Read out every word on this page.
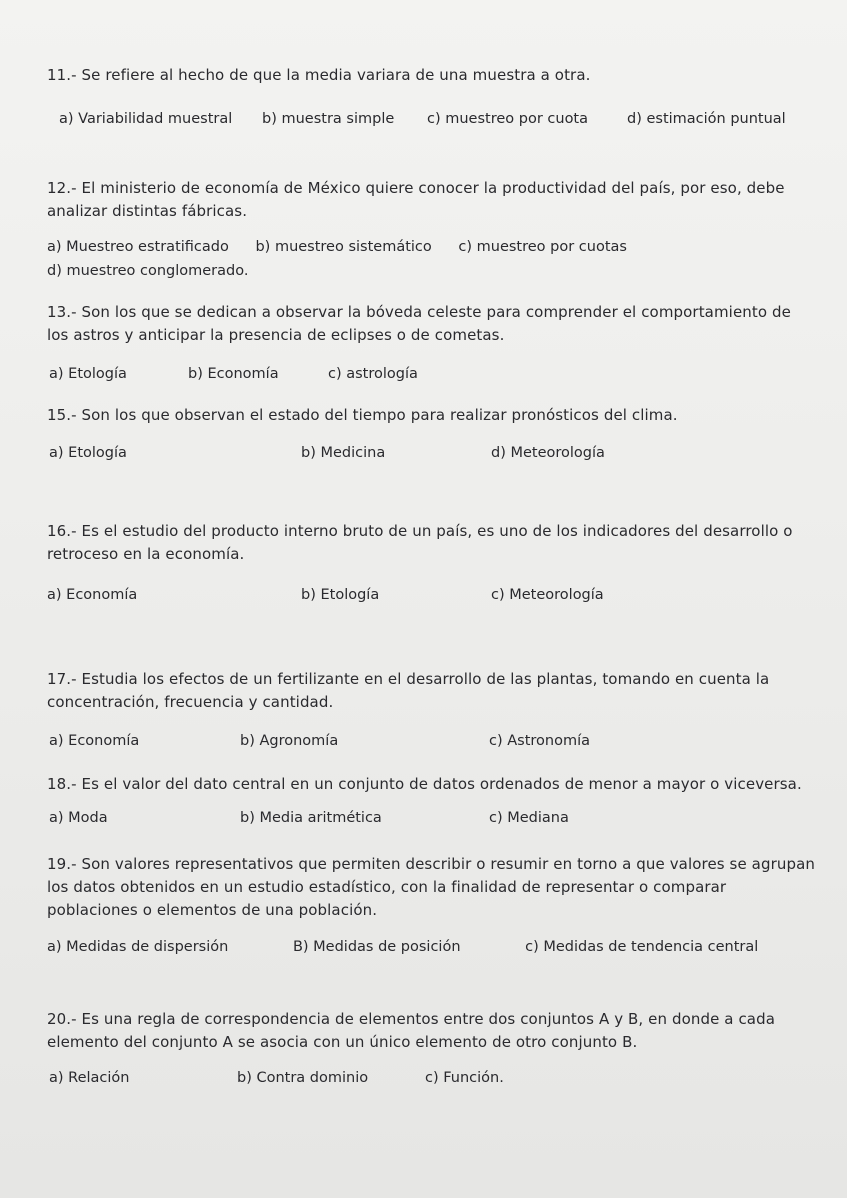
11.- Se refiere al hecho de que la media variara de una muestra a otra.
a) Variabilidad muestral b) muestra simple c) muestreo por cuota	d) estimación puntual
12.- El ministerio de economía de México quiere conocer la productividad del país, por eso, debe analizar distintas fábricas.
a) Muestreo estratificado b) muestreo sistemático c) muestreo por cuotas d) muestreo conglomerado.
13.- Son los que se dedican a observar la bóveda celeste para comprender el comportamiento de los astros y anticipar la presencia de eclipses o de cometas.
a) Etología	b) Economía	c) astrología
15.- Son los que observan el estado del tiempo para realizar pronósticos del clima.
a) Etología	b) Medicina	d) Meteorología
16.- Es el estudio del producto interno bruto de un país, es uno de los indicadores del desarrollo o retroceso en la economía.
a) Economía	b) Etología	c) Meteorología
17.- Estudia los efectos de un fertilizante en el desarrollo de las plantas, tomando en cuenta la concentración, frecuencia y cantidad.
a) Economía	b) Agronomía	c) Astronomía
18.- Es el valor del dato central en un conjunto de datos ordenados de menor a mayor o viceversa.
a) Moda	b) Media aritmética	c) Mediana
19.- Son valores representativos que permiten describir o resumir en torno a que valores se agrupan los datos obtenidos en un estudio estadístico, con la finalidad de representar o comparar poblaciones o elementos de una población.
a) Medidas de dispersión	B) Medidas de posición	c) Medidas de tendencia central
20.- Es una regla de correspondencia de elementos entre dos conjuntos A y B, en donde a cada elemento del conjunto A se asocia con un único elemento de otro conjunto B.
a) Relación	b) Contra dominio	c) Función.
